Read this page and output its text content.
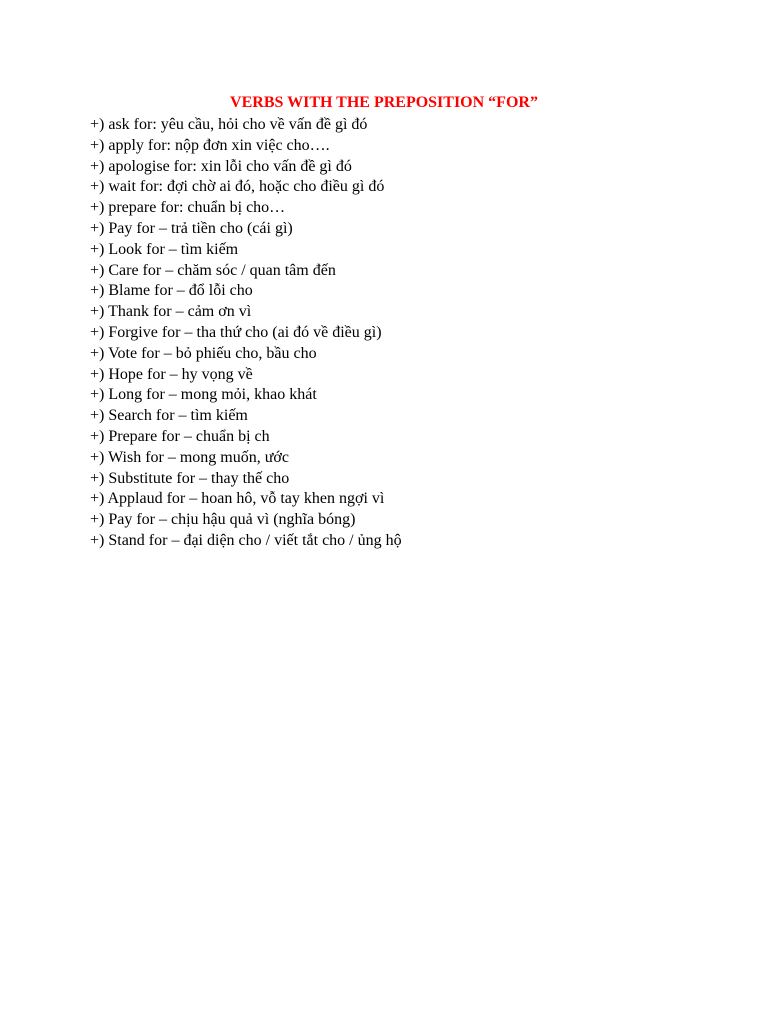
VERBS WITH THE PREPOSITION “FOR”
+) ask for: yêu cầu, hỏi cho về vấn đề gì đó
+) apply for: nộp đơn xin việc cho….
+) apologise for: xin lỗi cho vấn đề gì đó
+) wait for: đợi chờ ai đó, hoặc cho điều gì đó
+) prepare for: chuẩn bị cho…
+) Pay for – trả tiền cho (cái gì)
+) Look for – tìm kiếm
+) Care for – chăm sóc / quan tâm đến
+) Blame for – đổ lỗi cho
+) Thank for – cảm ơn vì
+) Forgive for – tha thứ cho (ai đó về điều gì)
+) Vote for – bỏ phiếu cho, bầu cho
+) Hope for – hy vọng về
+) Long for – mong mỏi, khao khát
+) Search for – tìm kiếm
+) Prepare for – chuẩn bị ch
+) Wish for – mong muốn, ước
+) Substitute for – thay thế cho
+) Applaud for – hoan hô, vỗ tay khen ngợi vì
+) Pay for – chịu hậu quả vì (nghĩa bóng)
+) Stand for – đại diện cho / viết tắt cho / ủng hộ
